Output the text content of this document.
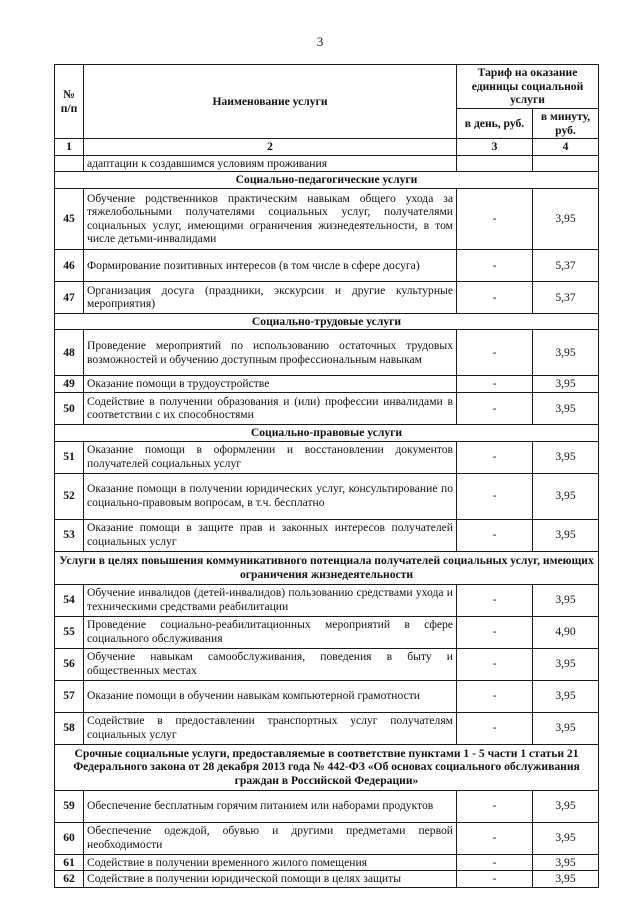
3
№ п/п	Наименование услуги	Тариф на оказание единицы социальной услуги	
		в день, руб.	в минуту, руб.
1	2	3	4
	адаптации к создавшимся условиям проживания		
Социально-педагогические услуги			
45	Обучение родственников практическим навыкам общего ухода за тяжелобольными получателями социальных услуг, получателями социальных услуг, имеющими ограничения жизнедеятельности, в том числе детьми-инвалидами	-	3,95
46	Формирование позитивных интересов (в том числе в сфере досуга)	-	5,37
47	Организация досуга (праздники, экскурсии и другие культурные мероприятия)	-	5,37
Социально-трудовые услуги			
48	Проведение мероприятий по использованию остаточных трудовых возможностей и обучению доступным профессиональным навыкам	-	3,95
49	Оказание помощи в трудоустройстве	-	3,95
50	Содействие в получении образования и (или) профессии инвалидами в соответствии с их способностями	-	3,95
Социально-правовые услуги			
51	Оказание помощи в оформлении и восстановлении документов получателей социальных услуг	-	3,95
52	Оказание помощи в получении юридических услуг, консультирование по социально-правовым вопросам, в т.ч. бесплатно	-	3,95
53	Оказание помощи в защите прав и законных интересов получателей социальных услуг	-	3,95
Услуги в целях повышения коммуникативного потенциала получателей социальных услуг, имеющих ограничения жизнедеятельности			
54	Обучение инвалидов (детей-инвалидов) пользованию средствами ухода и техническими средствами реабилитации	-	3,95
55	Проведение социально-реабилитационных мероприятий в сфере социального обслуживания	-	4,90
56	Обучение навыкам самообслуживания, поведения в быту и общественных местах	-	3,95
57	Оказание помощи в обучении навыкам компьютерной грамотности	-	3,95
58	Содействие в предоставлении транспортных услуг получателям социальных услуг	-	3,95
Срочные социальные услуги, предоставляемые в соответствие пунктами 1 - 5 части 1 статьи 21 Федерального закона от 28 декабря 2013 года № 442-ФЗ «Об основах социального обслуживания граждан в Российской Федерации»			
59	Обеспечение бесплатным горячим питанием или наборами продуктов	-	3,95
60	Обеспечение одеждой, обувью и другими предметами первой необходимости	-	3,95
61	Содействие в получении временного жилого помещения	-	3,95
62	Содействие в получении юридической помощи в целях защиты	-	3,95
